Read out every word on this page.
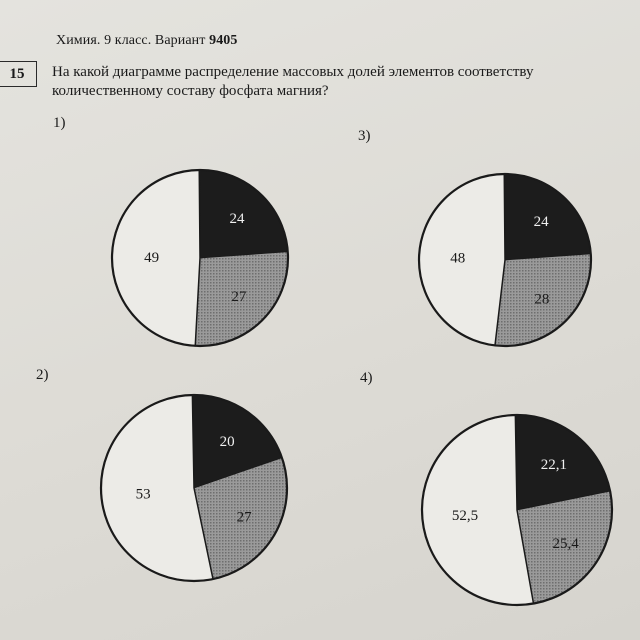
Химия. 9 класс. Вариант 9405
15	На какой диаграмме распределение массовых долей элементов соответству
количественному составу фосфата магния?
1)
3)
2)	4)
24
27
49
20
27
53
24
28
48
22,1
25,4
52,5
